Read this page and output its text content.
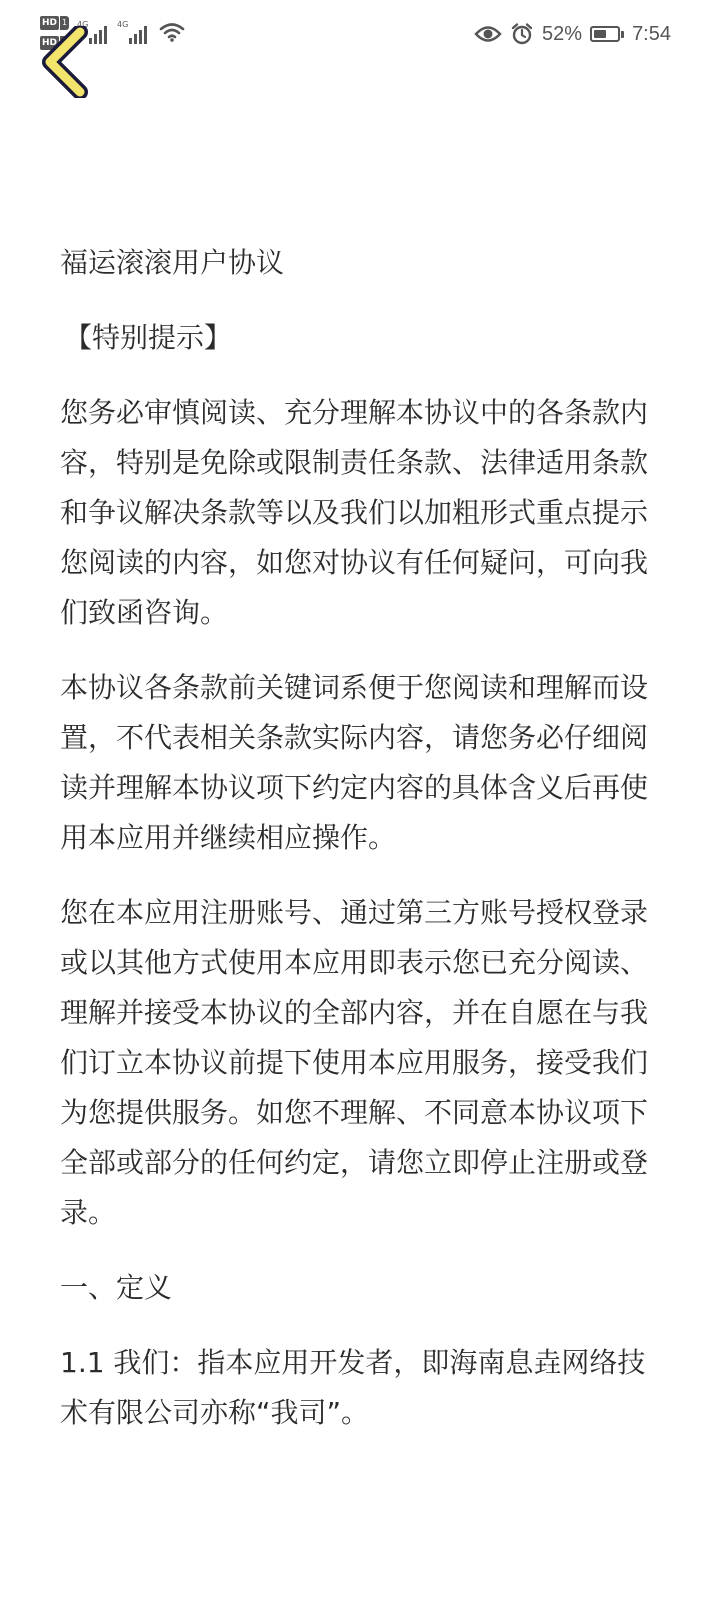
HD 1
HD 2
4G	4G	52%	7:54

福运滚滚用户协议

【特别提示】

您务必审慎阅读、充分理解本协议中的各条款内容，特别是免除或限制责任条款、法律适用条款和争议解决条款等以及我们以加粗形式重点提示您阅读的内容，如您对协议有任何疑问，可向我们致函咨询。

本协议各条款前关键词系便于您阅读和理解而设置，不代表相关条款实际内容，请您务必仔细阅读并理解本协议项下约定内容的具体含义后再使用本应用并继续相应操作。

您在本应用注册账号、通过第三方账号授权登录或以其他方式使用本应用即表示您已充分阅读、理解并接受本协议的全部内容，并在自愿在与我们订立本协议前提下使用本应用服务，接受我们为您提供服务。如您不理解、不同意本协议项下全部或部分的任何约定，请您立即停止注册或登录。

一、定义

1.1 我们：指本应用开发者，即海南息垚网络技术有限公司亦称“我司”。
